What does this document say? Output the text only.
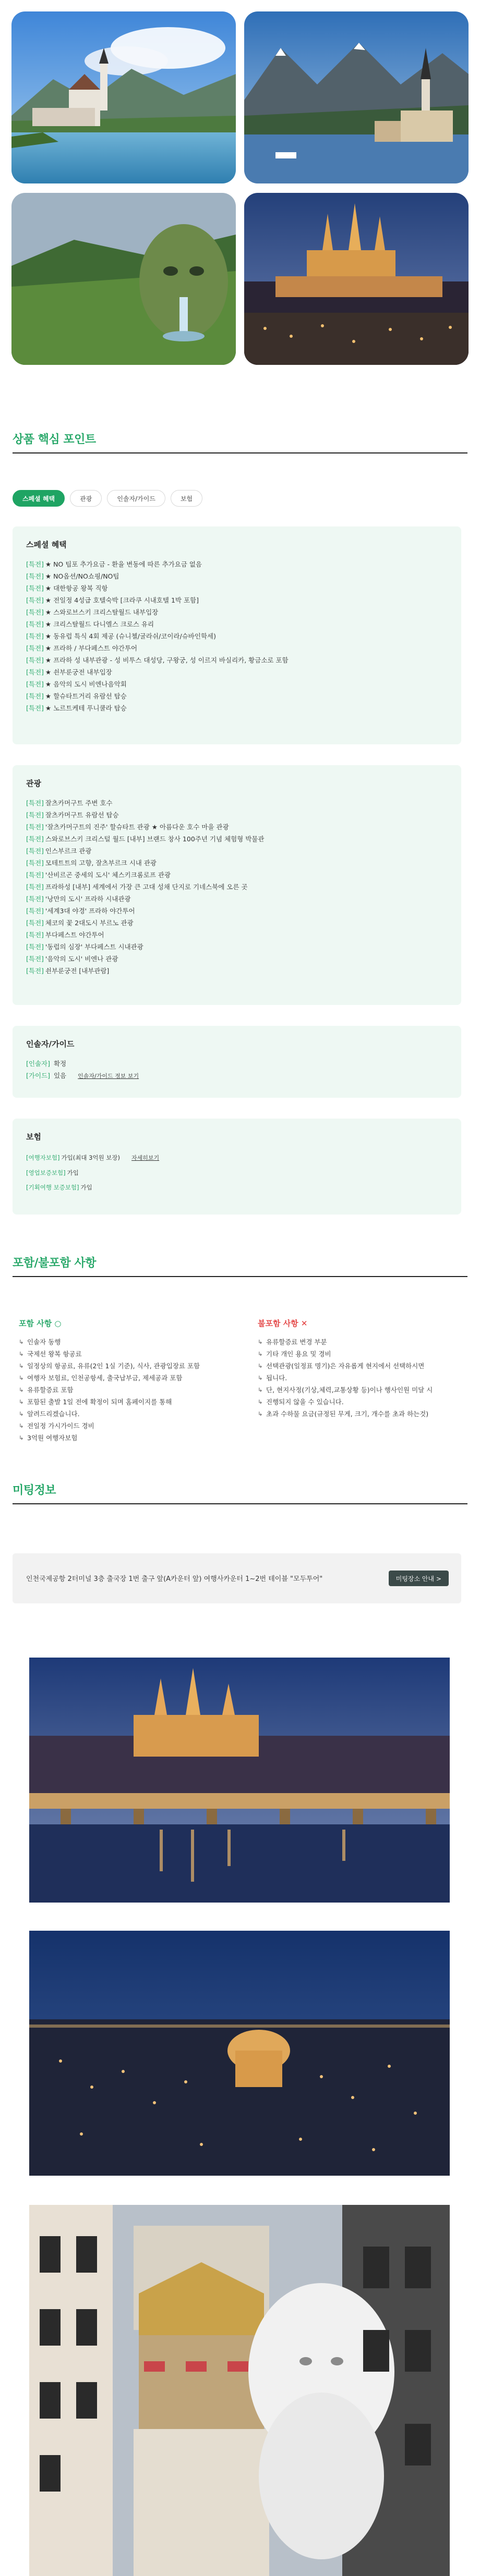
상품 핵심 포인트
스페셜 혜택	관광	인솔자/가이드	보험
스페셜 혜택
[특전] ★ NO 팁포 추가요금 - 환율 변동에 따른 추가요금 없음
[특전] ★ NO옵션/NO쇼핑/NO팁
[특전] ★ 대한항공 왕복 직항
[특전] ★ 전일정 4성급 호텔숙박 [크라쿠 시내호텔 1박 포함]
[특전] ★ 스와로브스키 크리스탈월드 내부입장
[특전] ★ 크리스탈월드 다니엘스 크로스 유리
[특전] ★ 동유럽 특식 4회 제공 (슈니첼/굴라쉬/코이라/슈바인학세)
[특전] ★ 프라하 / 부다페스트 야간투어
[특전] ★ 프라하 성 내부관광 - 성 비투스 대성당, 구왕궁, 성 이르지 바실리카, 황금소로 포함
[특전] ★ 쇤부룬궁전 내부입장
[특전] ★ 음악의 도시 비엔나음악회
[특전] ★ 할슈타트거리 유람선 탑승
[특전] ★ 노르트케테 푸니쿨라 탑승
관광
[특전] 잘츠카머구트 주변 호수
[특전] 잘츠카머구트 유람선 탑승
[특전] '잘츠카머구트의 진주' 할슈타트 관광 ★ 아름다운 호수 마을 관광
[특전] 스와로브스키 크리스털 월드 [내부] 브랜드 창사 100주년 기념 체험형 박물관
[특전] 인스부르크 관광
[특전] 모테트트의 고향, 잘츠부르크 시내 관광
[특전] '산비르곤 중세의 도시' 체스키크롬로프 관광
[특전] 프라하성 [내부] 세계에서 가장 큰 고대 성채 단지로 기네스북에 오른 곳
[특전] '낭만의 도시' 프라하 시내관광
[특전] '세계3대 야경' 프라하 야간투어
[특전] 체코의 꽃 2대도시 부르노 관광
[특전] 부다페스트 야간투어
[특전] '동럽의 심장' 부다페스트 시내관광
[특전] '음악의 도시' 비엔나 관광
[특전] 쇤부룬궁전 [내부관람]
인솔자/가이드
[인솔자] 확정
[가이드] 있음 인솔자/가이드 정보 보기
보험
[여행자보험] 가입(최대 3억원 보장) 자세히보기
[영업보증보험] 가입
[기획여행 보증보험] 가입
포함/불포함 사항
포함 사항 ○
↳ 인솔자 동행
↳ 국제선 왕복 항공료
↳ 일정상의 항공료, 유류(2인 1실 기준), 식사, 관광입장료 포함
↳ 여행자 보험료, 인천공항세, 출국납부금, 제세공과 포함
↳ 유류할증료 포함
↳ 포함된 출발 1일 전에 확정이 되며 홈페이지를 통해
↳ 알려드리겠습니다.
↳ 전일정 가시가이드 경비
↳ 3억원 여행자보험
불포함 사항 ✕
↳ 유류할증료 변경 부분
↳ 기타 개인 용요 및 경비
↳ 선택관광(일정표 명기)은 자유롭게 현지에서 선택하시면
↳ 됩니다.
↳ 단, 현지사정(기상,체력,교통상황 등)이나 행사인원 미달 시
↳ 진행되지 않을 수 있습니다.
↳ 초과 수하물 요금(규정된 무게, 크기, 개수를 초과 하는것)
미팅정보
인천국제공항 2터미널 3층 출국장 1번 출구 앞(A카운터 앞) 여행사카운터 1~2번 테이블 "모두투어"	미팅장소 안내 >
